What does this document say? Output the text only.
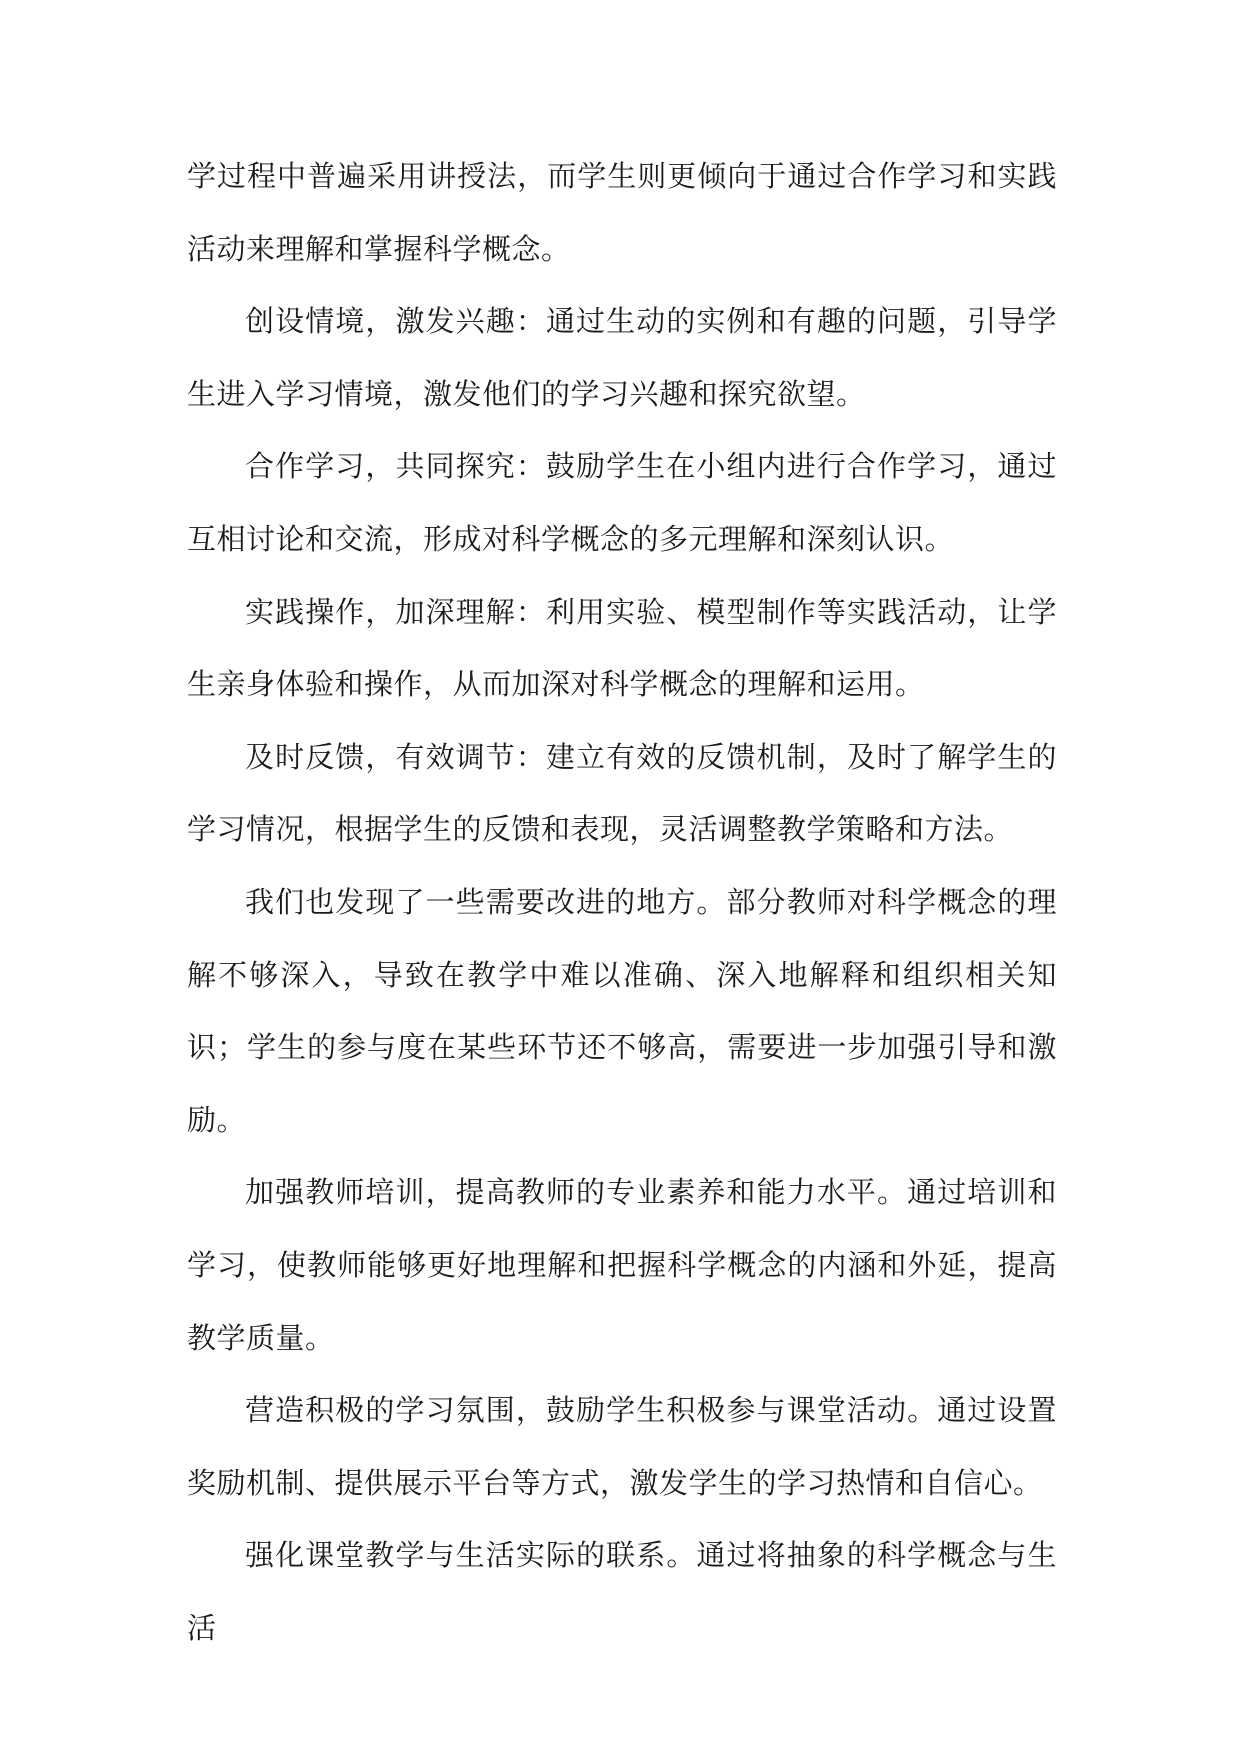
学过程中普遍采用讲授法，而学生则更倾向于通过合作学习和实践活动来理解和掌握科学概念。

创设情境，激发兴趣：通过生动的实例和有趣的问题，引导学生进入学习情境，激发他们的学习兴趣和探究欲望。

合作学习，共同探究：鼓励学生在小组内进行合作学习，通过互相讨论和交流，形成对科学概念的多元理解和深刻认识。

实践操作，加深理解：利用实验、模型制作等实践活动，让学生亲身体验和操作，从而加深对科学概念的理解和运用。

及时反馈，有效调节：建立有效的反馈机制，及时了解学生的学习情况，根据学生的反馈和表现，灵活调整教学策略和方法。

我们也发现了一些需要改进的地方。部分教师对科学概念的理解不够深入，导致在教学中难以准确、深入地解释和组织相关知识；学生的参与度在某些环节还不够高，需要进一步加强引导和激励。

加强教师培训，提高教师的专业素养和能力水平。通过培训和学习，使教师能够更好地理解和把握科学概念的内涵和外延，提高教学质量。

营造积极的学习氛围，鼓励学生积极参与课堂活动。通过设置奖励机制、提供展示平台等方式，激发学生的学习热情和自信心。

强化课堂教学与生活实际的联系。通过将抽象的科学概念与生活
